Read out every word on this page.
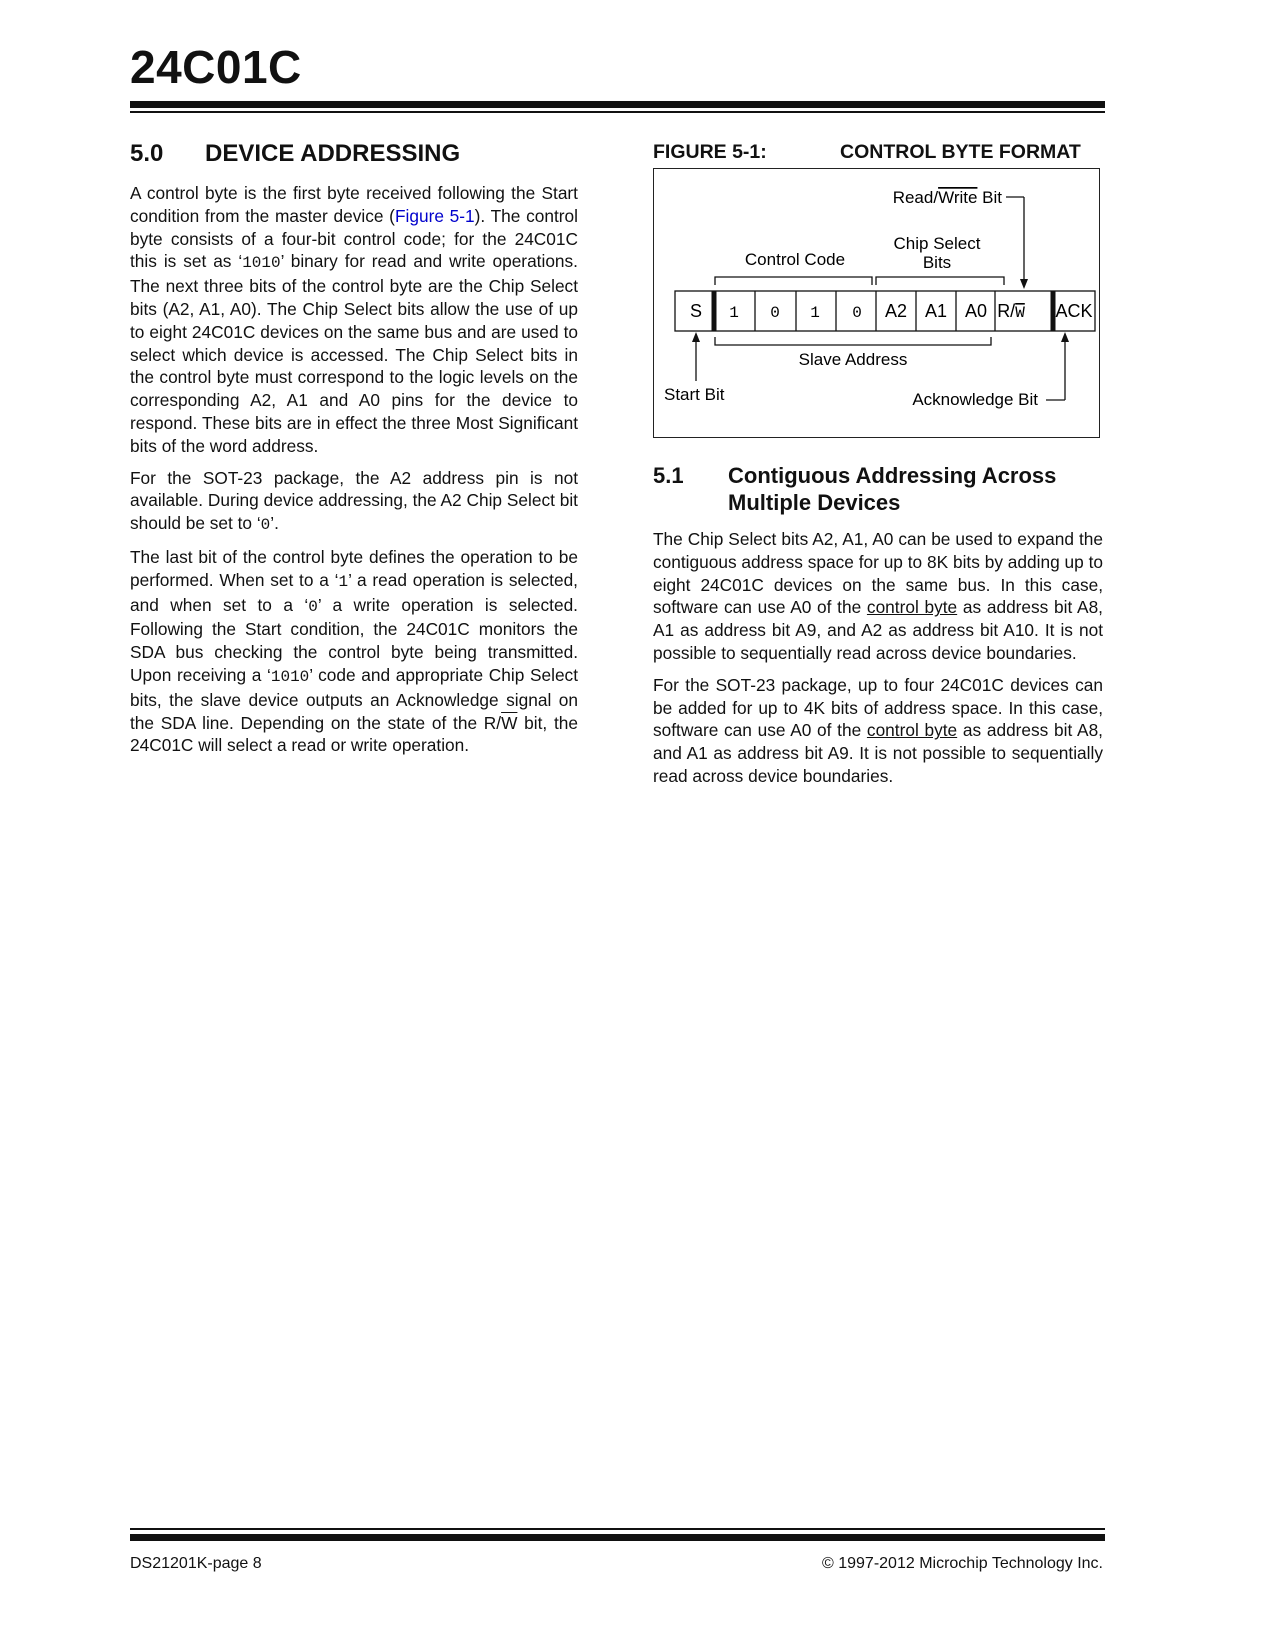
24C01C
5.0	DEVICE ADDRESSING

A control byte is the first byte received following the Start condition from the master device (Figure 5-1). The control byte consists of a four-bit control code; for the 24C01C this is set as ‘1010’ binary for read and write operations. The next three bits of the control byte are the Chip Select bits (A2, A1, A0). The Chip Select bits allow the use of up to eight 24C01C devices on the same bus and are used to select which device is accessed. The Chip Select bits in the control byte must correspond to the logic levels on the corresponding A2, A1 and A0 pins for the device to respond. These bits are in effect the three Most Significant bits of the word address.

For the SOT-23 package, the A2 address pin is not available. During device addressing, the A2 Chip Select bit should be set to ‘0’.

The last bit of the control byte defines the operation to be performed. When set to a ‘1’ a read operation is selected, and when set to a ‘0’ a write operation is selected. Following the Start condition, the 24C01C monitors the SDA bus checking the control byte being transmitted. Upon receiving a ‘1010’ code and appropriate Chip Select bits, the slave device outputs an Acknowledge signal on the SDA line. Depending on the state of the $R/\overline{W}$ bit, the 24C01C will select a read or write operation.

FIGURE 5-1:	CONTROL BYTE FORMAT
Read/Write Bit
Chip Select
Bits
Control Code
S 1 0 1 0 A2 A1 A0 R/W ACK
Slave Address
Start Bit	Acknowledge Bit
5.1	Contiguous Addressing Across
Multiple Devices

The Chip Select bits A2, A1, A0 can be used to expand the contiguous address space for up to 8K bits by adding up to eight 24C01C devices on the same bus. In this case, software can use A0 of the control byte as address bit A8, A1 as address bit A9, and A2 as address bit A10. It is not possible to sequentially read across device boundaries.

For the SOT-23 package, up to four 24C01C devices can be added for up to 4K bits of address space. In this case, software can use A0 of the control byte as address bit A8, and A1 as address bit A9. It is not possible to sequentially read across device boundaries.

DS21201K-page 8	© 1997-2012 Microchip Technology Inc.
